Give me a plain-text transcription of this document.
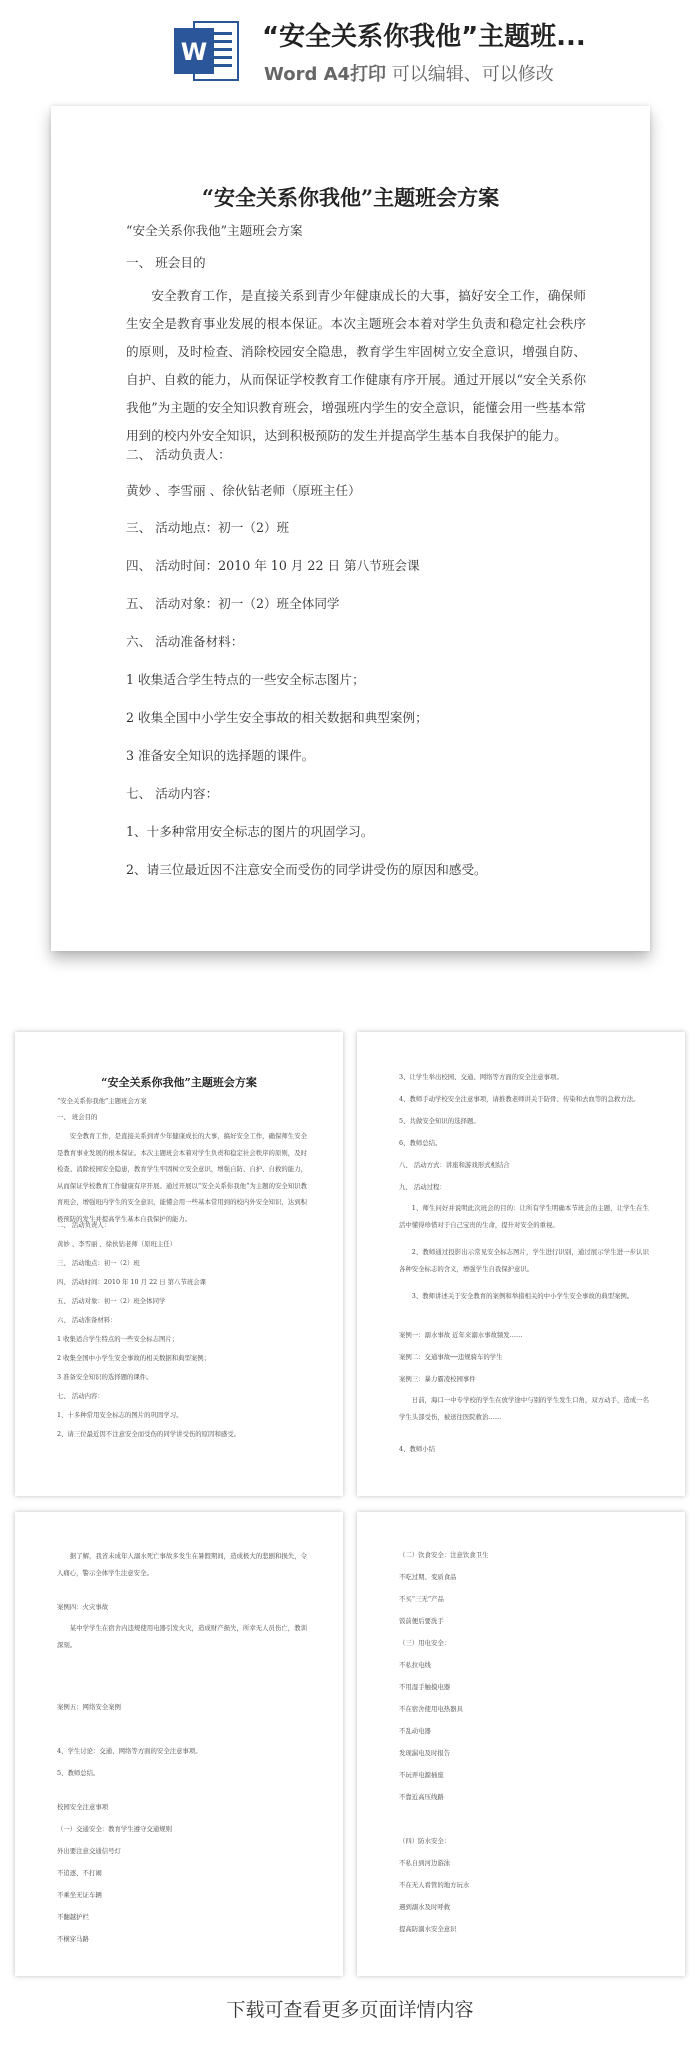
W “安全关系你我他”主题班...
Word A4打印 可以编辑、可以修改
“安全关系你我他”主题班会方案
“安全关系你我他”主题班会方案
一、 班会目的
安全教育工作，是直接关系到青少年健康成长的大事，搞好安全工作，确保师生安全是教育事业发展的根本保证。本次主题班会本着对学生负责和稳定社会秩序的原则，及时检查、消除校园安全隐患，教育学生牢固树立安全意识，增强自防、自护、自救的能力，从而保证学校教育工作健康有序开展。通过开展以“安全关系你我他”为主题的安全知识教育班会，增强班内学生的安全意识，能懂会用一些基本常用到的校内外安全知识，达到积极预防的发生并提高学生基本自我保护的能力。
二、 活动负责人：
黄妙 、李雪丽 、徐伙钻老师（原班主任）
三、 活动地点：初一（2）班
四、 活动时间：2010 年 10 月 22 日 第八节班会课
五、 活动对象：初一（2）班全体同学
六、 活动准备材料：
1 收集适合学生特点的一些安全标志图片；
2 收集全国中小学生安全事故的相关数据和典型案例；
3 准备安全知识的选择题的课件。
七、 活动内容：
1、十多种常用安全标志的图片的巩固学习。
2、请三位最近因不注意安全而受伤的同学讲受伤的原因和感受。
“安全关系你我他”主题班会方案
“安全关系你我他”主题班会方案
一、 班会目的
安全教育工作，是直接关系到青少年健康成长的大事，搞好安全工作，确保师生安全是教育事业发展的根本保证。本次主题班会本着对学生负责和稳定社会秩序的原则，及时检查、消除校园安全隐患，教育学生牢固树立安全意识，增强自防、自护、自救的能力，从而保证学校教育工作健康有序开展。通过开展以“安全关系你我他”为主题的安全知识教育班会，增强班内学生的安全意识，能懂会用一些基本常用到的校内外安全知识，达到积极预防的发生并提高学生基本自我保护的能力。
二、 活动负责人：
黄妙 、李雪丽 、徐伙钻老师（原班主任）
三、 活动地点：初一（2）班
四、 活动时间：2010 年 10 月 22 日 第八节班会课
五、 活动对象：初一（2）班全体同学
六、 活动准备材料：
1 收集适合学生特点的一些安全标志图片；
2 收集全国中小学生安全事故的相关数据和典型案例；
3 准备安全知识的选择题的课件。
七、 活动内容：
1、十多种常用安全标志的图片的巩固学习。
2、请三位最近因不注意安全而受伤的同学讲受伤的原因和感受。
3、让学生举出校园、交通、网络等方面的安全注意事项。
4、教师手动学校安全注意事项，请推教老师讲关于防骨、传染和去血等的急救方法。
5、共做安全知识的选择题。
6、教师总结。
八、 活动方式：讲座和游戏形式相结合
九、 活动过程：
1、师生问好并说明此次班会的目的：让所有学生明确本节班会的主题，让学生在生活中懂得珍惜对于自己宝贵的生命，提升对安全的重视。
2、教师通过投影出示常见安全标志图片，学生进行识别，通过展示学生进一步认识各种安全标志的含义，增强学生自我保护意识。
3、教师讲述关于安全教育的案例和举措相关的中小学生安全事故的典型案例。
案例一：溺水事故 近年来溺水事故频发……
案例二：交通事故──违规骑车的学生
案例三：暴力霸凌校园事件
日前，海口一中专学校的学生在放学途中与别的学生发生口角，双方动手，造成一名学生头部受伤，被送往医院救治……
4、教师小结
据了解，我省未成年人溺水死亡事故多发生在暑假期间，造成极大的悲剧和损失，令人痛心，警示全体学生注意安全。
案例四：火灾事故
某中学学生在宿舍内违规使用电器引发火灾，造成财产损失，所幸无人员伤亡，教训深刻。
案例五：网络安全案例
4、学生讨论：交通、网络等方面的安全注意事项。
5、教师总结。
校园安全注意事项
（一）交通安全：教育学生遵守交通规则
外出要注意交通信号灯
不追逐、不打闹
不乘坐无证车辆
不翻越护栏
不横穿马路
（二）饮食安全：注意饮食卫生
不吃过期、变质食品
不买“三无”产品
饭前便后要洗手
（三）用电安全：
不私拉电线
不用湿手触摸电器
不在宿舍使用电热器具
不乱动电器
发现漏电及时报告
不玩弄电源插座
不靠近高压线路
（四）防水安全：
不私自到河边游泳
不在无人看管的地方玩水
遇到溺水及时呼救
提高防溺水安全意识
下载可查看更多页面详情内容
